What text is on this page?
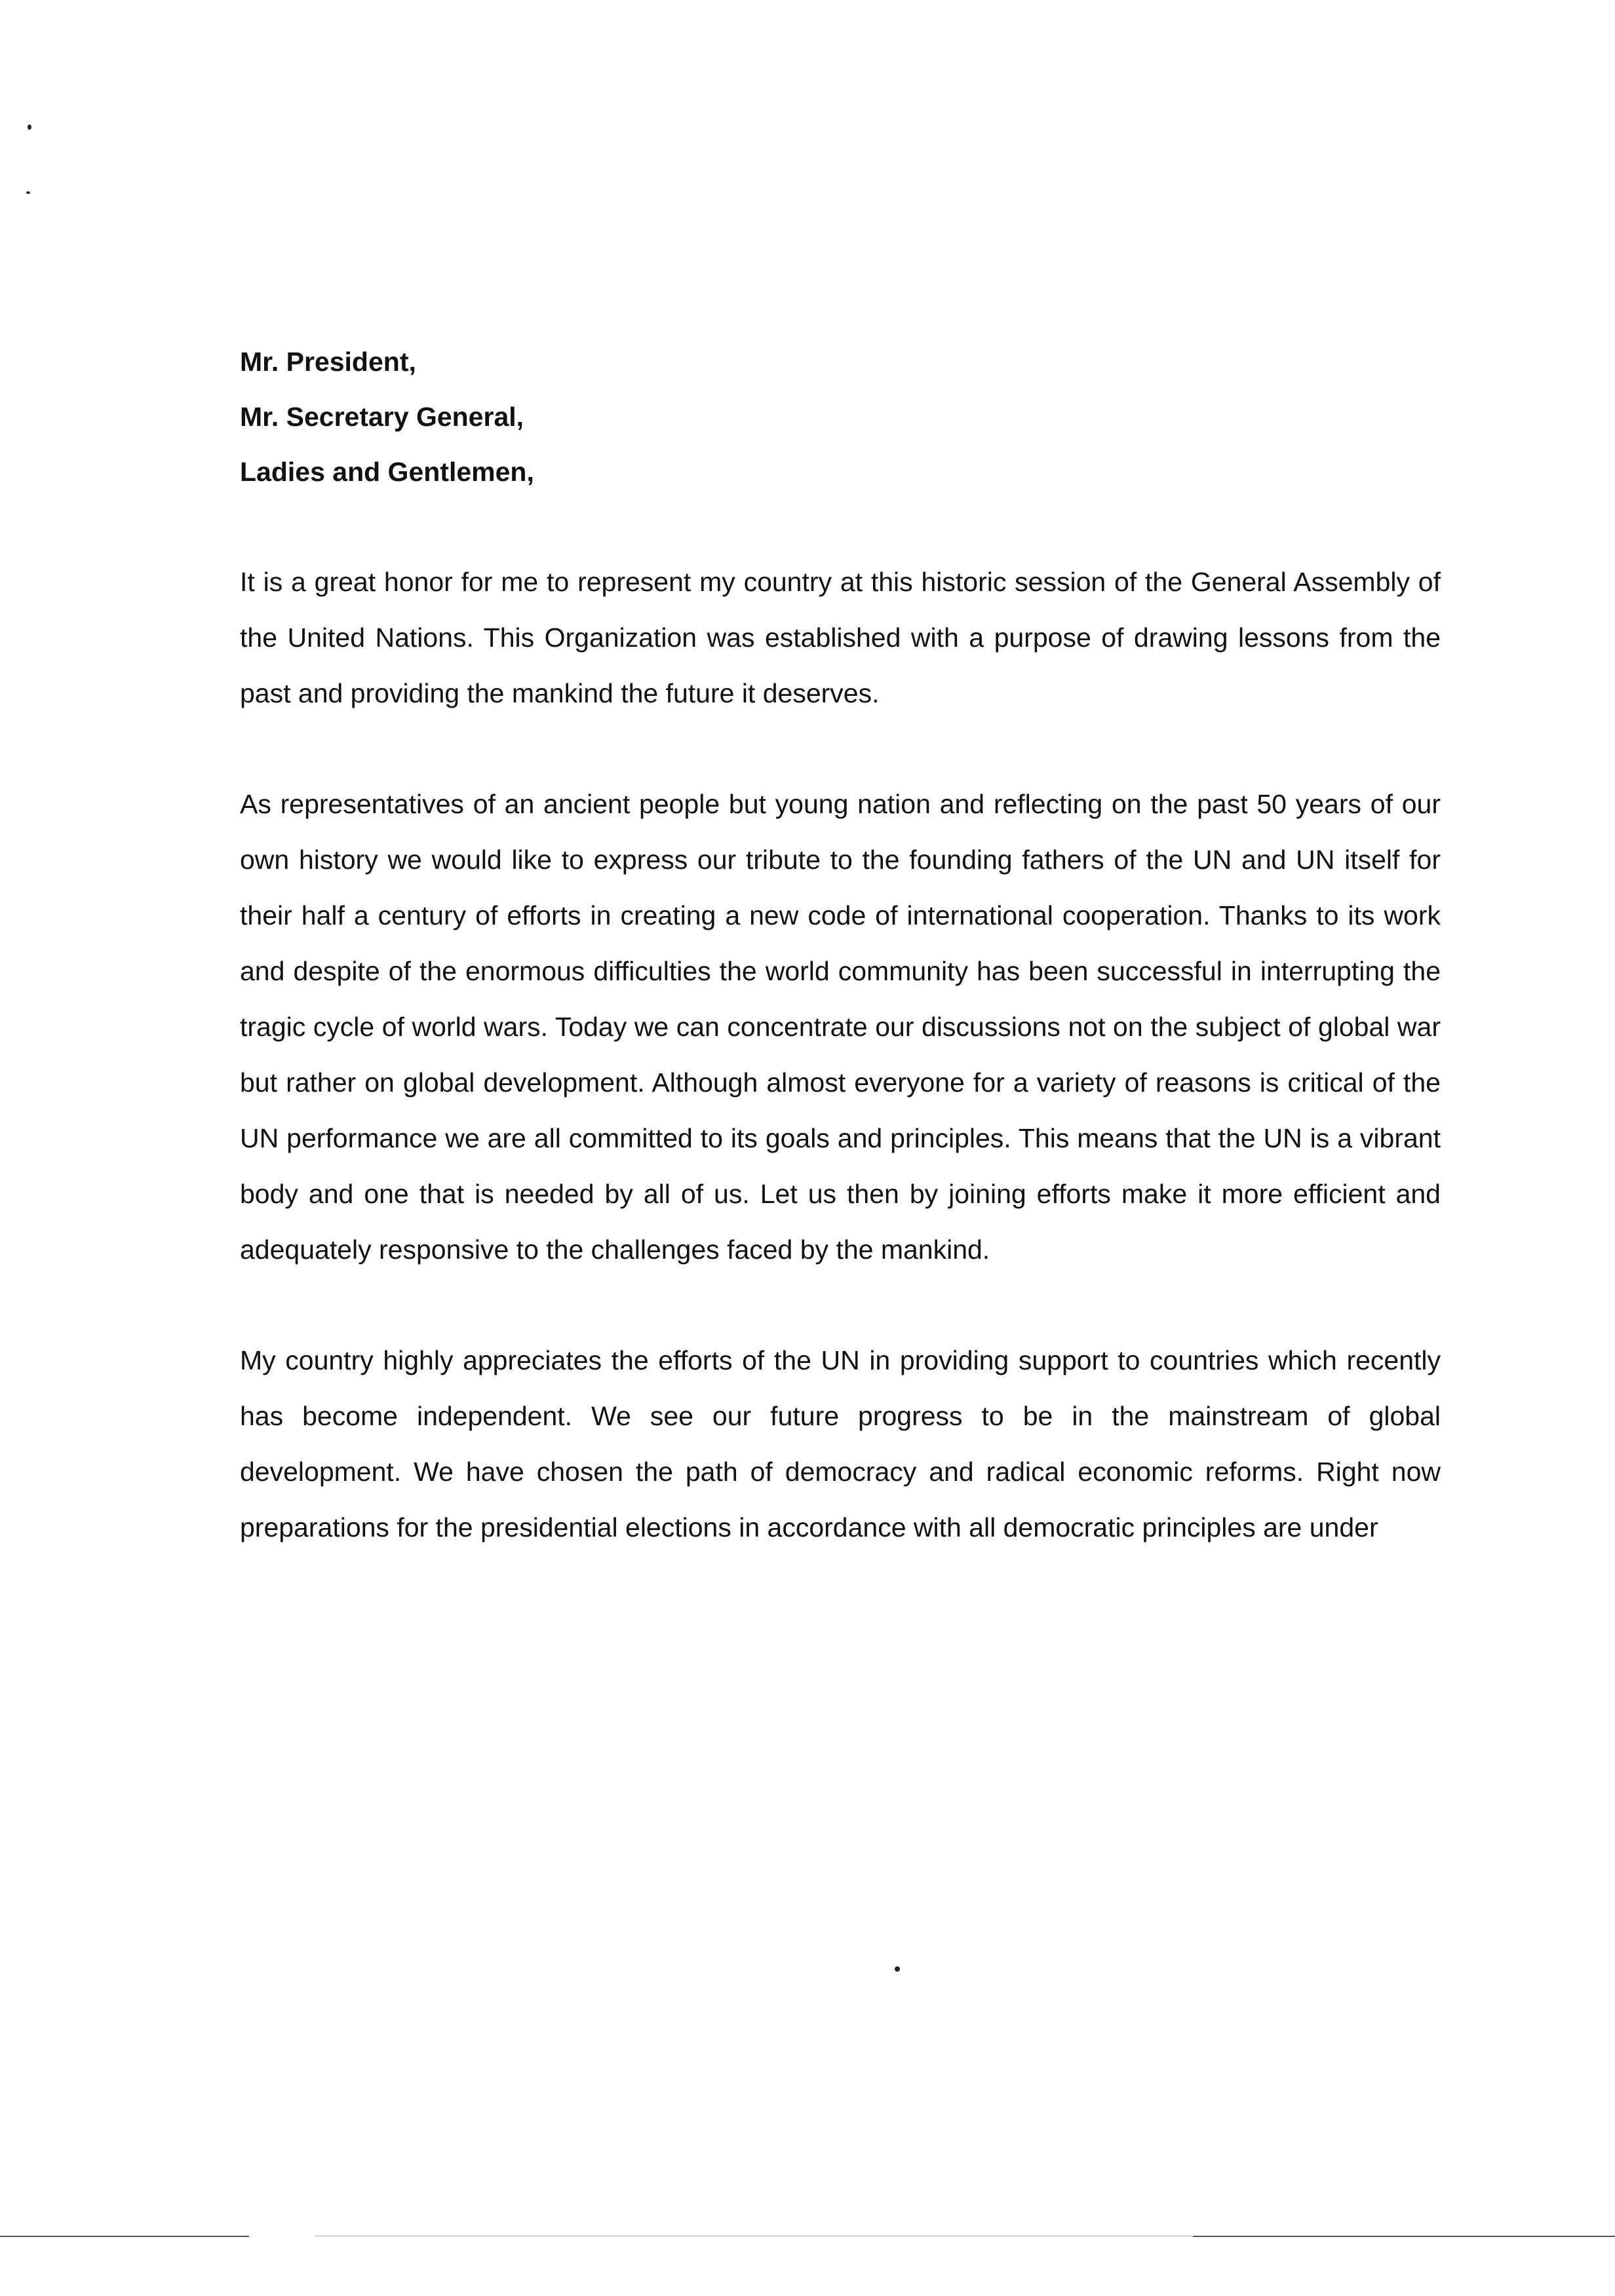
Mr. President,

Mr. Secretary General,

Ladies and Gentlemen,

It is a great honor for me to represent my country at this historic session of the General Assembly of the United Nations. This Organization was established with a purpose of drawing lessons from the past and providing the mankind the future it deserves.

As representatives of an ancient people but young nation and reflecting on the past 50 years of our own history we would like to express our tribute to the founding fathers of the UN and UN itself for their half a century of efforts in creating a new code of international cooperation. Thanks to its work and despite of the enormous difficulties the world community has been successful in interrupting the tragic cycle of world wars. Today we can concentrate our discussions not on the subject of global war but rather on global development. Although almost everyone for a variety of reasons is critical of the UN performance we are all committed to its goals and principles. This means that the UN is a vibrant body and one that is needed by all of us. Let us then by joining efforts make it more efficient and adequately responsive to the challenges faced by the mankind.

My country highly appreciates the efforts of the UN in providing support to countries which recently has become independent. We see our future progress to be in the mainstream of global development. We have chosen the path of democracy and radical economic reforms. Right now preparations for the presidential elections in accordance with all democratic principles are under
